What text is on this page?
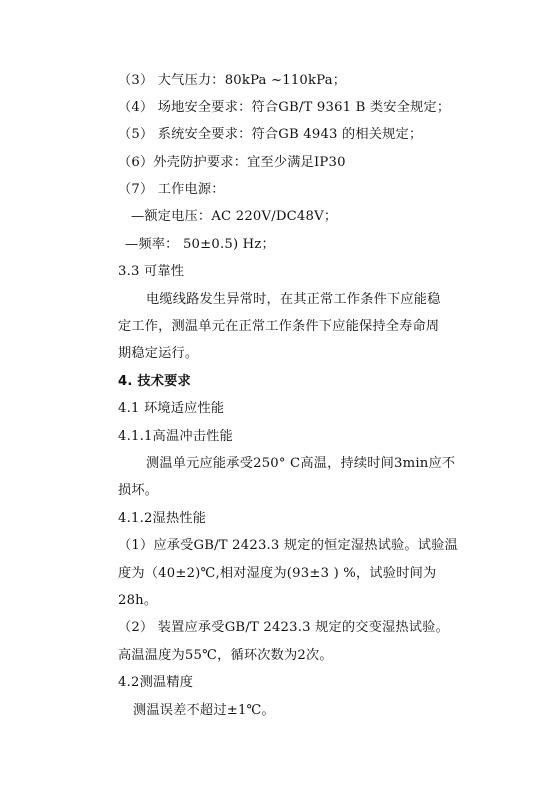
（3） 大气压力：80kPa ~110kPa；
（4） 场地安全要求：符合GB/T 9361 B 类安全规定；
（5） 系统安全要求：符合GB 4943 的相关规定；
（6）外壳防护要求：宜至少满足IP30
（7） 工作电源：
—额定电压：AC 220V/DC48V；
—频率： 50±0.5) Hz；
3.3 可靠性
电缆线路发生异常时，在其正常工作条件下应能稳
定工作，测温单元在正常工作条件下应能保持全寿命周
期稳定运行。
4. 技术要求
4.1 环境适应性能
4.1.1高温冲击性能
测温单元应能承受250° C高温，持续时间3min应不
损坏。
4.1.2湿热性能
（1）应承受GB/T 2423.3 规定的恒定湿热试验。试验温
度为（40±2)℃,相对湿度为(93±3 ) %，试验时间为
28h。
（2） 装置应承受GB/T 2423.3 规定的交变湿热试验。
高温温度为55℃，循环次数为2次。
4.2测温精度
测温误差不超过±1℃。
